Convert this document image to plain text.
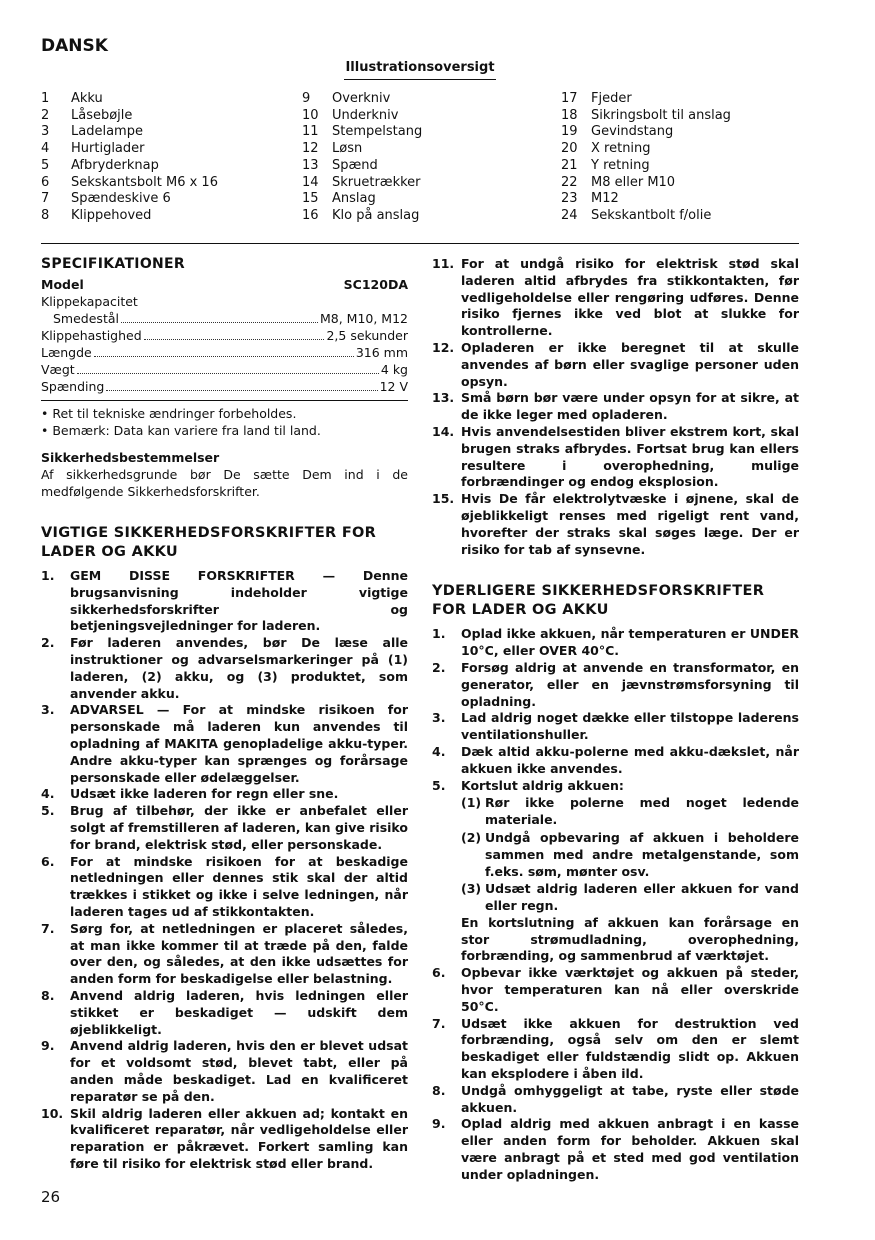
DANSK
Illustrationsoversigt
1	Akku
2	Låsebøjle
3	Ladelampe
4	Hurtiglader
5	Afbryderknap
6	Sekskantsbolt M6 x 16
7	Spændeskive 6
8	Klippehoved
9	Overkniv
10	Underkniv
11	Stempelstang
12	Løsn
13	Spænd
14	Skruetrækker
15	Anslag
16	Klo på anslag
17	Fjeder
18	Sikringsbolt til anslag
19	Gevindstang
20	X retning
21	Y retning
22	M8 eller M10
23	M12
24	Sekskantbolt f/olie
SPECIFIKATIONER
Model	SC120DA
Klippekapacitet
Smedestål	M8, M10, M12
Klippehastighed	2,5 sekunder
Længde	316 mm
Vægt	4 kg
Spænding	12 V
• Ret til tekniske ændringer forbeholdes.
• Bemærk: Data kan variere fra land til land.
Sikkerhedsbestemmelser
Af sikkerhedsgrunde bør De sætte Dem ind i de medfølgende Sikkerhedsforskrifter.
VIGTIGE SIKKERHEDSFORSKRIFTER FOR LADER OG AKKU
1.	GEM DISSE FORSKRIFTER — Denne brugsanvisning indeholder vigtige sikkerhedsforskrifter og betjeningsvejledninger for laderen.
2.	Før laderen anvendes, bør De læse alle instruktioner og advarselsmarkeringer på (1) laderen, (2) akku, og (3) produktet, som anvender akku.
3.	ADVARSEL — For at mindske risikoen for personskade må laderen kun anvendes til opladning af MAKITA genopladelige akku-typer. Andre akku-typer kan sprænges og forårsage personskade eller ødelæggelser.
4.	Udsæt ikke laderen for regn eller sne.
5.	Brug af tilbehør, der ikke er anbefalet eller solgt af fremstilleren af laderen, kan give risiko for brand, elektrisk stød, eller personskade.
6.	For at mindske risikoen for at beskadige netledningen eller dennes stik skal der altid trækkes i stikket og ikke i selve ledningen, når laderen tages ud af stikkontakten.
7.	Sørg for, at netledningen er placeret således, at man ikke kommer til at træde på den, falde over den, og således, at den ikke udsættes for anden form for beskadigelse eller belastning.
8.	Anvend aldrig laderen, hvis ledningen eller stikket er beskadiget — udskift dem øjeblikkeligt.
9.	Anvend aldrig laderen, hvis den er blevet udsat for et voldsomt stød, blevet tabt, eller på anden måde beskadiget. Lad en kvalificeret reparatør se på den.
10. Skil aldrig laderen eller akkuen ad; kontakt en kvalificeret reparatør, når vedligeholdelse eller reparation er påkrævet. Forkert samling kan føre til risiko for elektrisk stød eller brand.
11. For at undgå risiko for elektrisk stød skal laderen altid afbrydes fra stikkontakten, før vedligeholdelse eller rengøring udføres. Denne risiko fjernes ikke ved blot at slukke for kontrollerne.
12. Opladeren er ikke beregnet til at skulle anvendes af børn eller svaglige personer uden opsyn.
13. Små børn bør være under opsyn for at sikre, at de ikke leger med opladeren.
14. Hvis anvendelsestiden bliver ekstrem kort, skal brugen straks afbrydes. Fortsat brug kan ellers resultere i overophedning, mulige forbrændinger og endog eksplosion.
15. Hvis De får elektrolytvæske i øjnene, skal de øjeblikkeligt renses med rigeligt rent vand, hvorefter der straks skal søges læge. Der er risiko for tab af synsevne.
YDERLIGERE SIKKERHEDSFORSKRIFTER FOR LADER OG AKKU
1.	Oplad ikke akkuen, når temperaturen er UNDER 10°C, eller OVER 40°C.
2.	Forsøg aldrig at anvende en transformator, en generator, eller en jævnstrømsforsyning til opladning.
3.	Lad aldrig noget dække eller tilstoppe laderens ventilationshuller.
4.	Dæk altid akku-polerne med akku-dækslet, når akkuen ikke anvendes.
5.	Kortslut aldrig akkuen:
(1) Rør ikke polerne med noget ledende materiale.
(2) Undgå opbevaring af akkuen i beholdere sammen med andre metalgenstande, som f.eks. søm, mønter osv.
(3) Udsæt aldrig laderen eller akkuen for vand eller regn.
En kortslutning af akkuen kan forårsage en stor strømudladning, overophedning, forbrænding, og sammenbrud af værktøjet.
6.	Opbevar ikke værktøjet og akkuen på steder, hvor temperaturen kan nå eller overskride 50°C.
7.	Udsæt ikke akkuen for destruktion ved forbrænding, også selv om den er slemt beskadiget eller fuldstændig slidt op. Akkuen kan eksplodere i åben ild.
8.	Undgå omhyggeligt at tabe, ryste eller støde akkuen.
9.	Oplad aldrig med akkuen anbragt i en kasse eller anden form for beholder. Akkuen skal være anbragt på et sted med god ventilation under opladningen.
26
